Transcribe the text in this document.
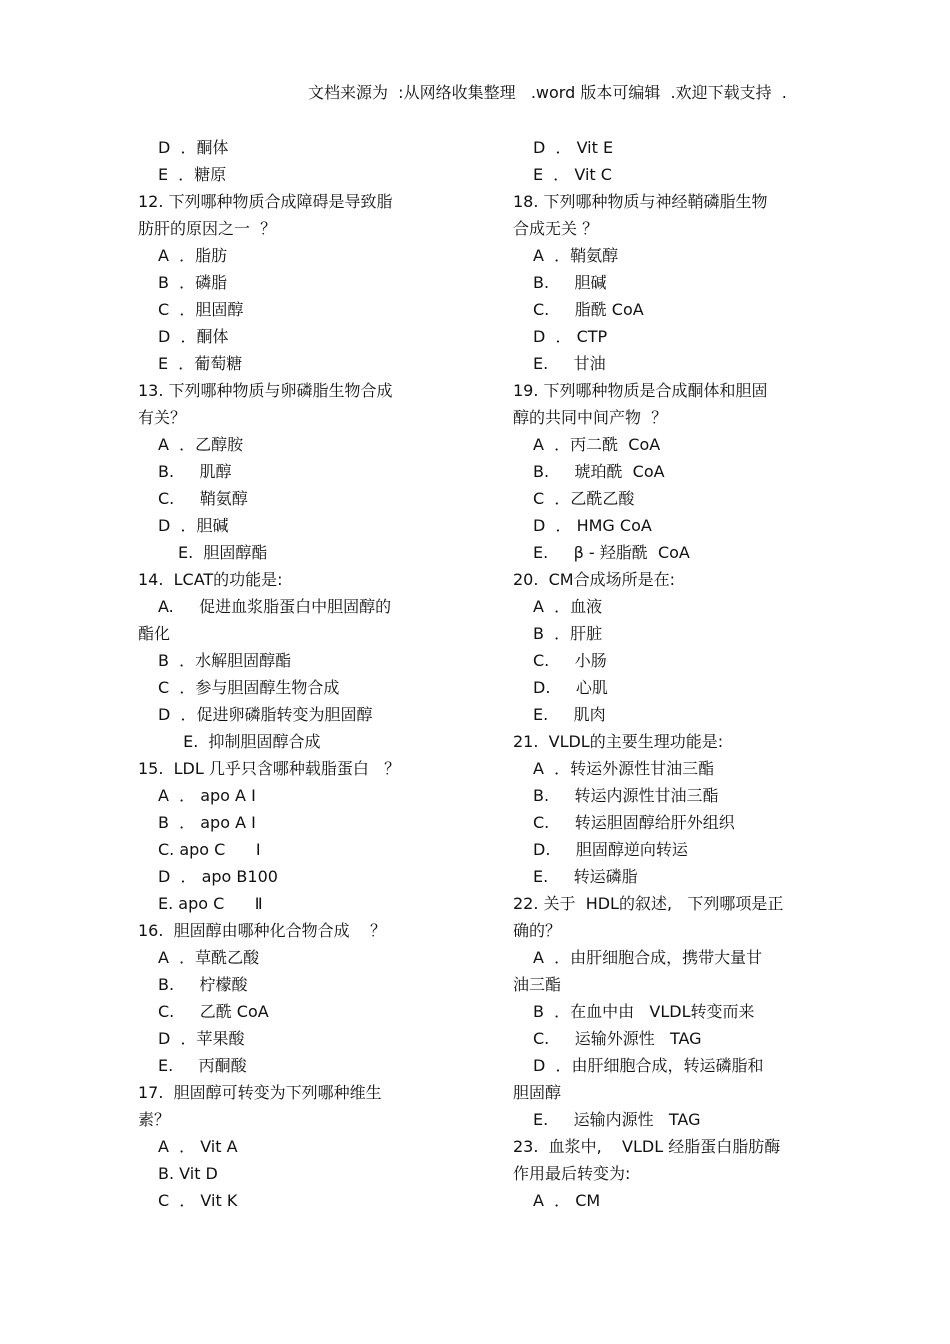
文档来源为  :从网络收集整理   .word 版本可编辑  .欢迎下载支持  .
D  ．酮体
E  ．糖原
12. 下列哪种物质合成障碍是导致脂
肪肝的原因之一  ？
A  ．脂肪
B  ．磷脂
C  ．胆固醇
D  ．酮体
E  ．葡萄糖
13. 下列哪种物质与卵磷脂生物合成
有关？
A  ．乙醇胺
B.     肌醇
C.     鞘氨醇
D  ．胆碱
E.  胆固醇酯
14.  LCAT的功能是:
A.     促进血浆脂蛋白中胆固醇的
酯化
B  ．水解胆固醇酯
C  ．参与胆固醇生物合成
D  ．促进卵磷脂转变为胆固醇
E.  抑制胆固醇合成
15.  LDL 几乎只含哪种载脂蛋白   ？
A  ． apo A Ⅰ
B  ． apo A Ⅰ
C. apo C      Ⅰ
D  ． apo B100
E. apo C      Ⅱ
16.  胆固醇由哪种化合物合成    ？
A  ．草酰乙酸
B.     柠檬酸
C.     乙酰 CoA
D  ．苹果酸
E.     丙酮酸
17.  胆固醇可转变为下列哪种维生
素？
A  ． Vit A
B. Vit D
C  ． Vit K
D  ． Vit E
E  ． Vit C
18. 下列哪种物质与神经鞘磷脂生物
合成无关 ？
A  ．鞘氨醇
B.     胆碱
C.     脂酰 CoA
D  ． CTP
E.     甘油
19. 下列哪种物质是合成酮体和胆固
醇的共同中间产物  ？
A  ．丙二酰  CoA
B.     琥珀酰  CoA
C  ．乙酰乙酸
D  ． HMG CoA
E.     β - 羟脂酰  CoA
20.  CM合成场所是在:
A  ．血液
B  ．肝脏
C.     小肠
D.     心肌
E.     肌肉
21.  VLDL的主要生理功能是:
A  ．转运外源性甘油三酯
B.     转运内源性甘油三酯
C.     转运胆固醇给肝外组织
D.     胆固醇逆向转运
E.     转运磷脂
22. 关于  HDL的叙述,   下列哪项是正
确的？
A  ．由肝细胞合成，携带大量甘
油三酯
B  ．在血中由   VLDL转变而来
C.     运输外源性   TAG
D  ．由肝细胞合成，转运磷脂和
胆固醇
E.     运输内源性   TAG
23.  血浆中,    VLDL 经脂蛋白脂肪酶
作用最后转变为:
A  ． CM
